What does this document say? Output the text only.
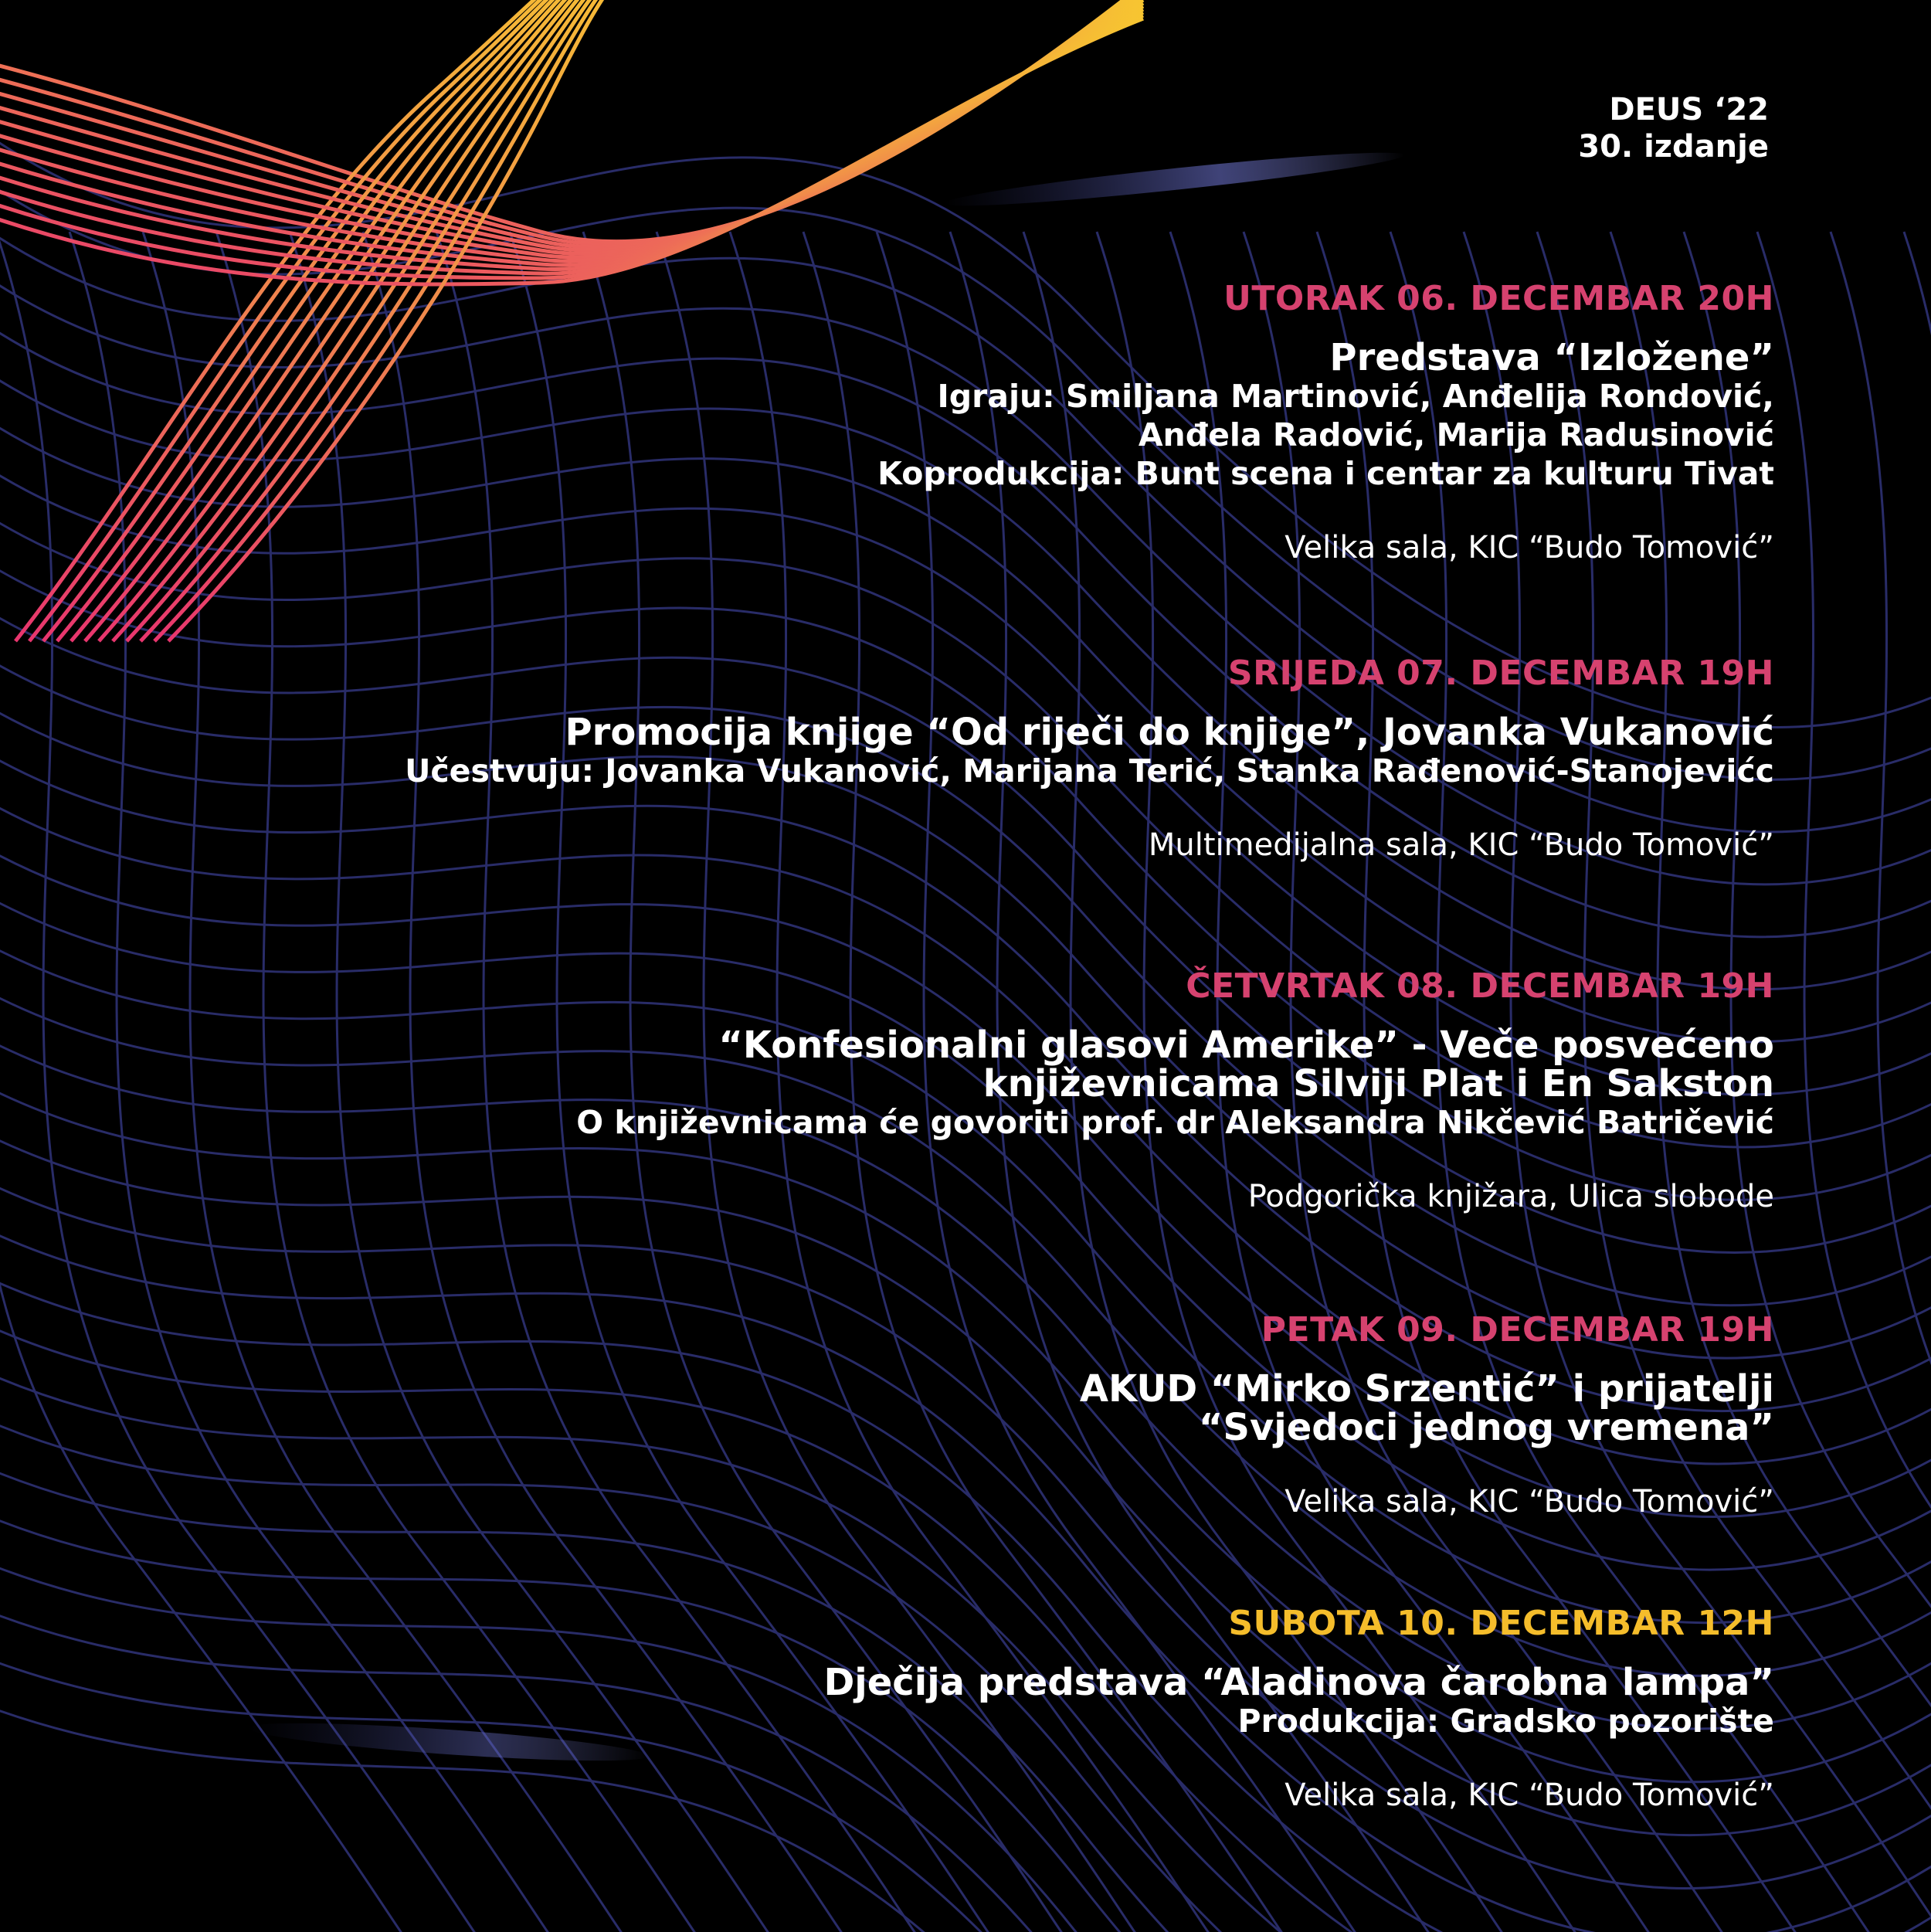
DEUS ‘22
30. izdanje
UTORAK 06. DECEMBAR 20H
Predstava “Izložene”
Igraju: Smiljana Martinović, Anđelija Rondović,
Anđela Radović, Marija Radusinović
Koprodukcija: Bunt scena i centar za kulturu Tivat
Velika sala, KIC “Budo Tomović”
SRIJEDA 07. DECEMBAR 19H
Promocija knjige “Od riječi do knjige”, Jovanka Vukanović
Učestvuju: Jovanka Vukanović, Marijana Terić, Stanka Rađenović-Stanojevićc
Multimedijalna sala, KIC “Budo Tomović”
ČETVRTAK 08. DECEMBAR 19H
“Konfesionalni glasovi Amerike” - Veče posvećeno
književnicama Silviji Plat i En Sakston
O književnicama će govoriti prof. dr Aleksandra Nikčević Batričević
Podgorička knjižara, Ulica slobode
PETAK 09. DECEMBAR 19H
AKUD “Mirko Srzentić” i prijatelji
“Svjedoci jednog vremena”
Velika sala, KIC “Budo Tomović”
SUBOTA 10. DECEMBAR 12H
Dječija predstava “Aladinova čarobna lampa”
Produkcija: Gradsko pozorište
Velika sala, KIC “Budo Tomović”
